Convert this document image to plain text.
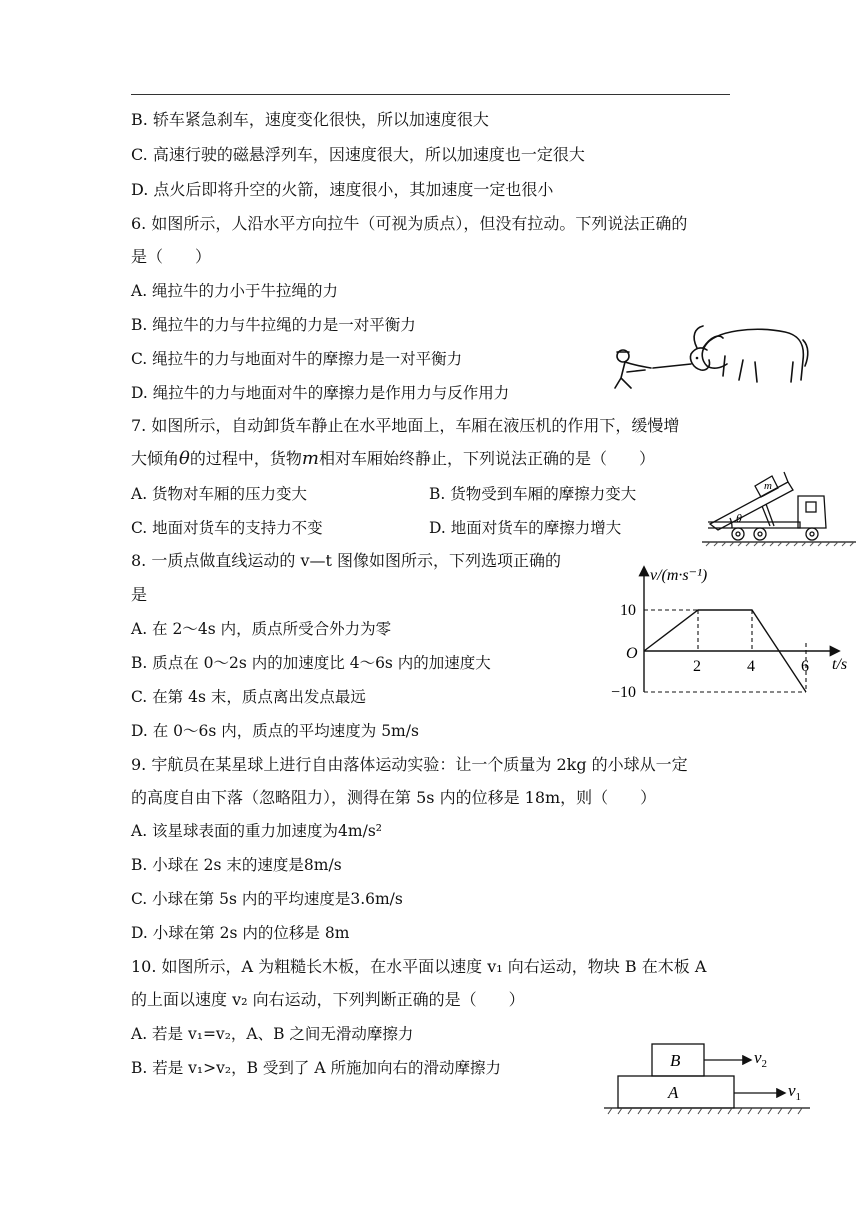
B. 轿车紧急刹车，速度变化很快，所以加速度很大
C. 高速行驶的磁悬浮列车，因速度很大，所以加速度也一定很大
D. 点火后即将升空的火箭，速度很小，其加速度一定也很小
6. 如图所示，人沿水平方向拉牛（可视为质点），但没有拉动。下列说法正确的
是（　　）
A. 绳拉牛的力小于牛拉绳的力
B. 绳拉牛的力与牛拉绳的力是一对平衡力
C. 绳拉牛的力与地面对牛的摩擦力是一对平衡力
D. 绳拉牛的力与地面对牛的摩擦力是作用力与反作用力
7. 如图所示，自动卸货车静止在水平地面上，车厢在液压机的作用下，缓慢增
大倾角θ的过程中，货物m相对车厢始终静止，下列说法正确的是（　　）
A. 货物对车厢的压力变大	B. 货物受到车厢的摩擦力变大
C. 地面对货车的支持力不变	D. 地面对货车的摩擦力增大
m
θ
8. 一质点做直线运动的 v—t 图像如图所示，下列选项正确的
是
A. 在 2～4s 内，质点所受合外力为零
B. 质点在 0～2s 内的加速度比 4～6s 内的加速度大
C. 在第 4s 末，质点离出发点最远
D. 在 0～6s 内，质点的平均速度为 5m/s
v/(m·s⁻¹)
t/s
O
2	4	6
10
−10
9. 宇航员在某星球上进行自由落体运动实验：让一个质量为 2kg 的小球从一定
的高度自由下落（忽略阻力），测得在第 5s 内的位移是 18m，则（　　）
A. 该星球表面的重力加速度为4m/s²
B. 小球在 2s 末的速度是8m/s
C. 小球在第 5s 内的平均速度是3.6m/s
D. 小球在第 2s 内的位移是 8m
10. 如图所示，A 为粗糙长木板，在水平面以速度 v₁ 向右运动，物块 B 在木板 A
的上面以速度 v₂ 向右运动，下列判断正确的是（　　）
A. 若是 v₁=v₂，A、B 之间无滑动摩擦力
B. 若是 v₁>v₂，B 受到了 A 所施加向右的滑动摩擦力
A
B	$v_2$
$v_1$
